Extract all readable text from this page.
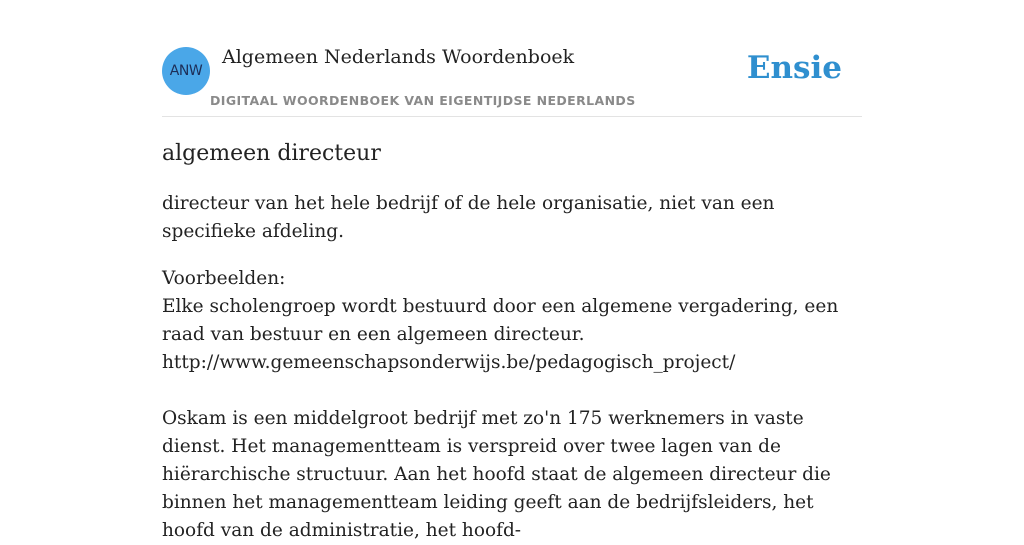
ANW
Algemeen Nederlands Woordenboek
DIGITAAL WOORDENBOEK VAN EIGENTIJDSE NEDERLANDS
Ensie
algemeen directeur

directeur van het hele bedrijf of de hele organisatie, niet van een specifieke afdeling.

Voorbeelden:

Elke scholengroep wordt bestuurd door een algemene vergadering, een raad van bestuur en een algemeen directeur.

http://www.gemeenschapsonderwijs.be/pedagogisch_project/

Oskam is een middelgroot bedrijf met zo'n 175 werknemers in vaste dienst. Het managementteam is verspreid over twee lagen van de hiërarchische structuur. Aan het hoofd staat de algemeen directeur die binnen het managementteam leiding geeft aan de bedrijfsleiders, het hoofd van de administratie, het hoofd-
